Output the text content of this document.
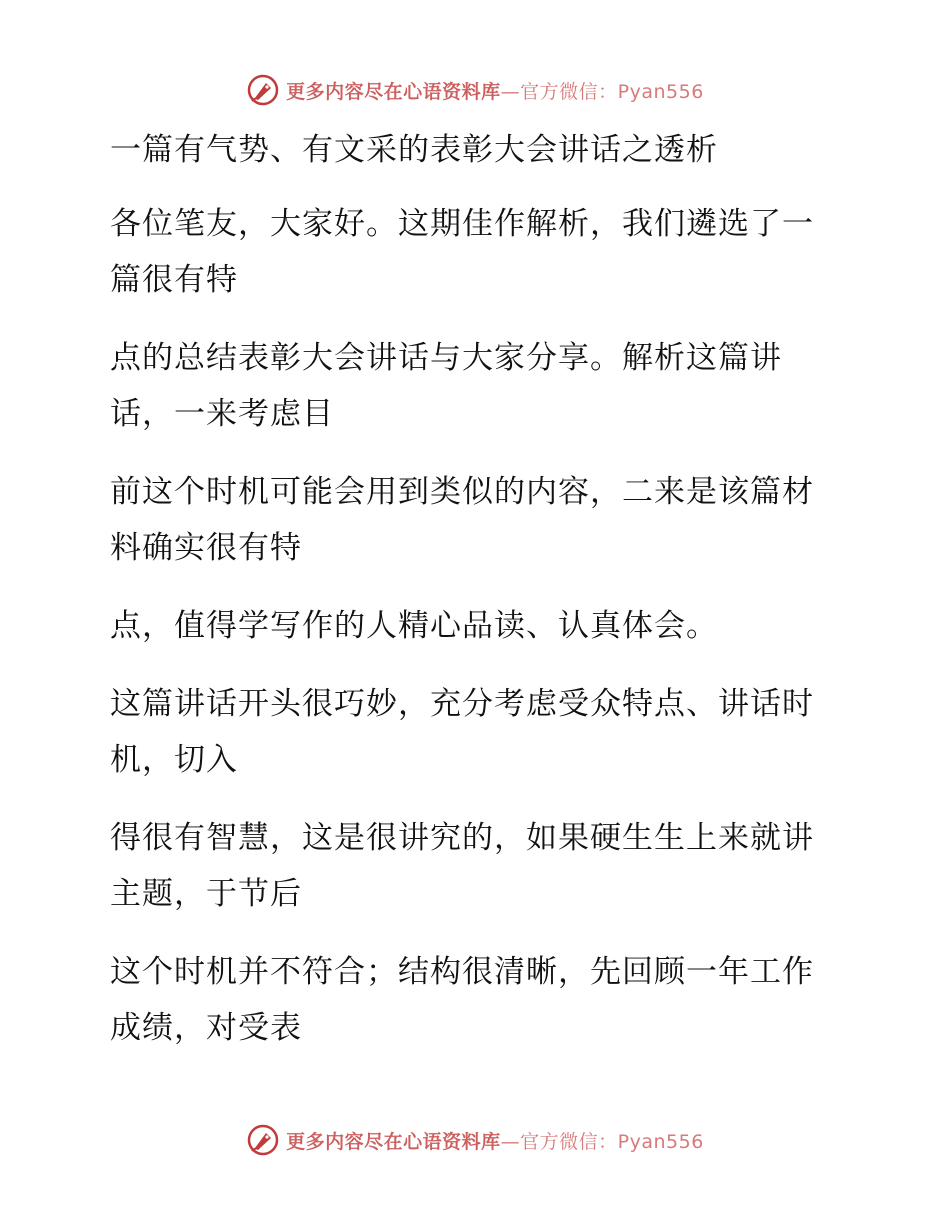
更多内容尽在心语资料库—官方微信：Pyan556

一篇有气势、有文采的表彰大会讲话之透析

各位笔友，大家好。这期佳作解析，我们遴选了一篇很有特

点的总结表彰大会讲话与大家分享。解析这篇讲话，一来考虑目

前这个时机可能会用到类似的内容，二来是该篇材料确实很有特

点，值得学写作的人精心品读、认真体会。

这篇讲话开头很巧妙，充分考虑受众特点、讲话时机，切入

得很有智慧，这是很讲究的，如果硬生生上来就讲主题，于节后

这个时机并不符合；结构很清晰，先回顾一年工作成绩，对受表

更多内容尽在心语资料库—官方微信：Pyan556
